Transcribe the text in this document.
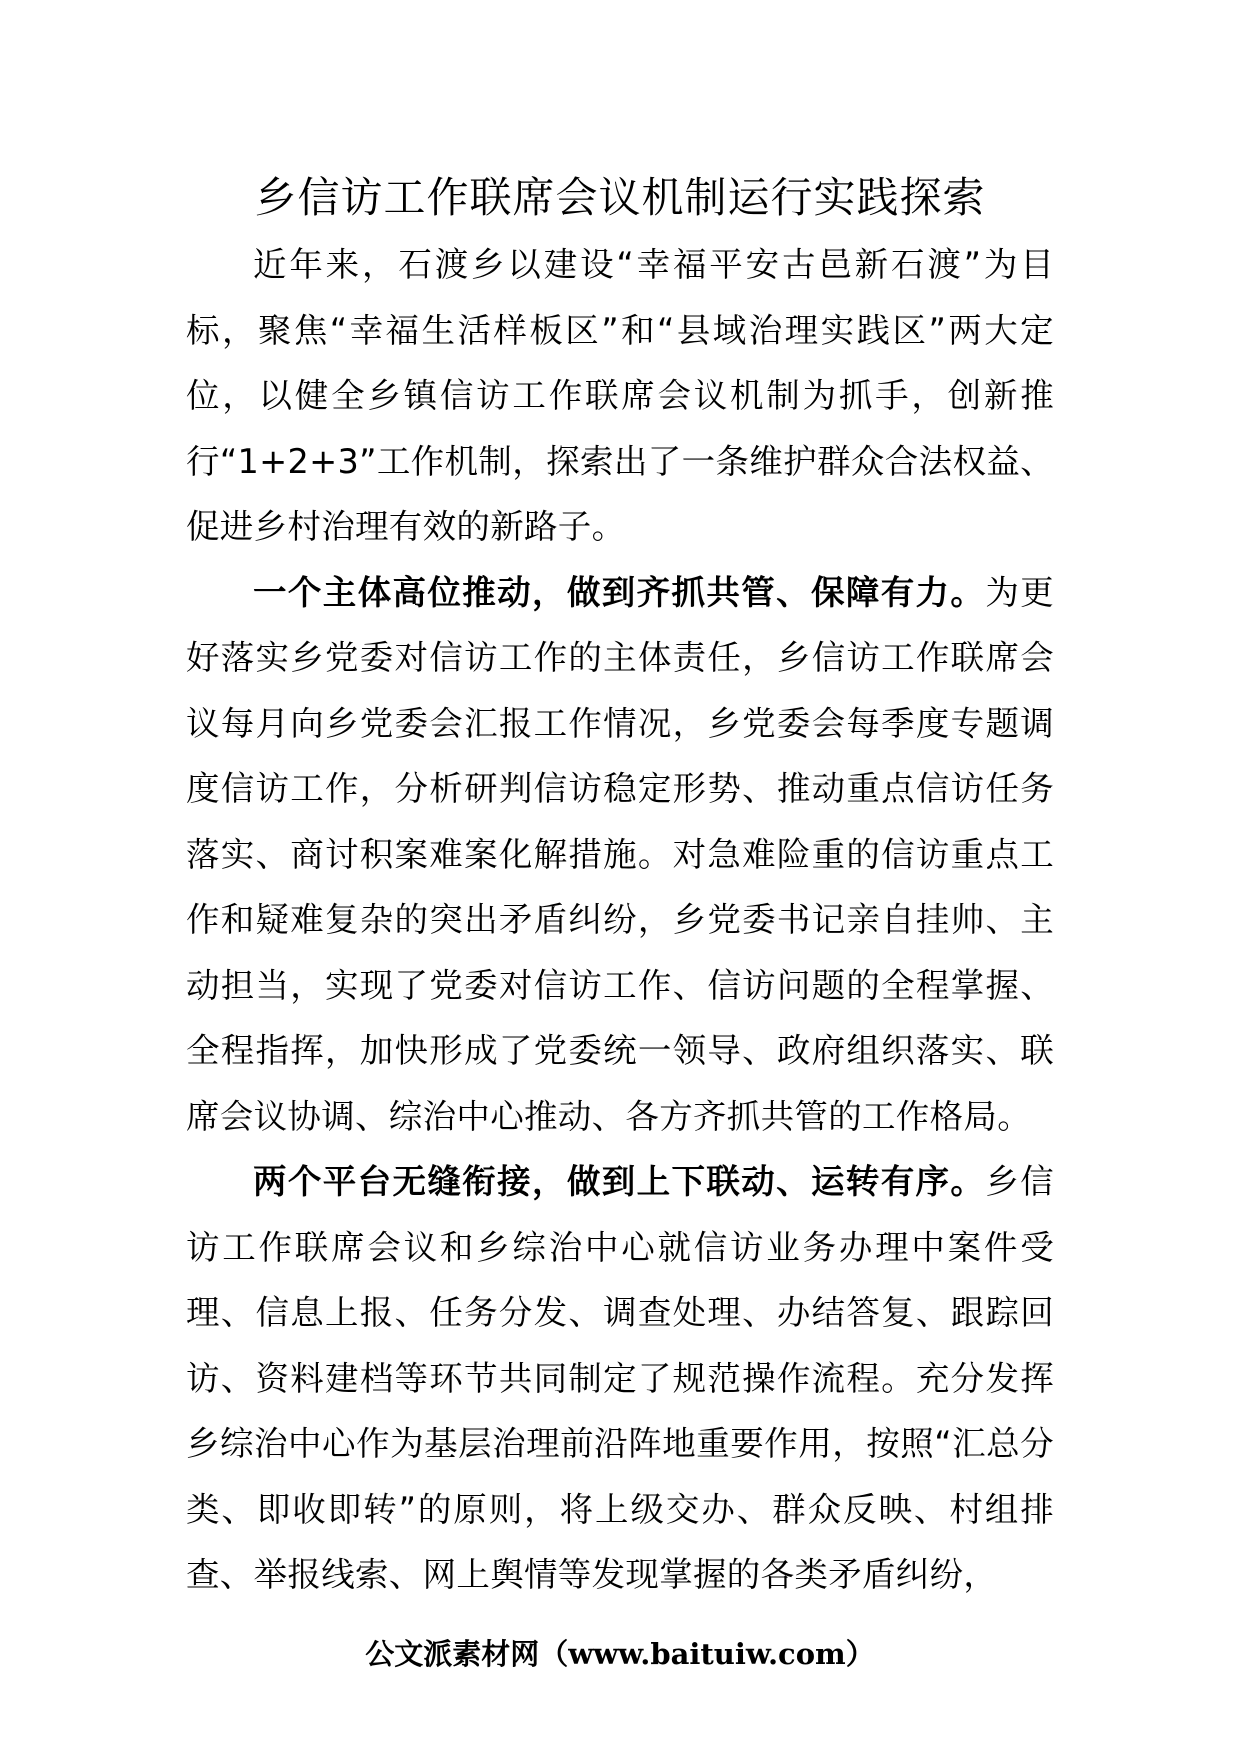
乡信访工作联席会议机制运行实践探索

近年来，石渡乡以建设“幸福平安古邑新石渡”为目标，聚焦“幸福生活样板区”和“县域治理实践区”两大定位，以健全乡镇信访工作联席会议机制为抓手，创新推行“1+2+3”工作机制，探索出了一条维护群众合法权益、促进乡村治理有效的新路子。

一个主体高位推动，做到齐抓共管、保障有力。为更好落实乡党委对信访工作的主体责任，乡信访工作联席会议每月向乡党委会汇报工作情况，乡党委会每季度专题调度信访工作，分析研判信访稳定形势、推动重点信访任务落实、商讨积案难案化解措施。对急难险重的信访重点工作和疑难复杂的突出矛盾纠纷，乡党委书记亲自挂帅、主动担当，实现了党委对信访工作、信访问题的全程掌握、全程指挥，加快形成了党委统一领导、政府组织落实、联席会议协调、综治中心推动、各方齐抓共管的工作格局。

两个平台无缝衔接，做到上下联动、运转有序。乡信访工作联席会议和乡综治中心就信访业务办理中案件受理、信息上报、任务分发、调查处理、办结答复、跟踪回访、资料建档等环节共同制定了规范操作流程。充分发挥乡综治中心作为基层治理前沿阵地重要作用，按照“汇总分类、即收即转”的原则，将上级交办、群众反映、村组排查、举报线索、网上舆情等发现掌握的各类矛盾纠纷，

公文派素材网（www.baituiw.com）
